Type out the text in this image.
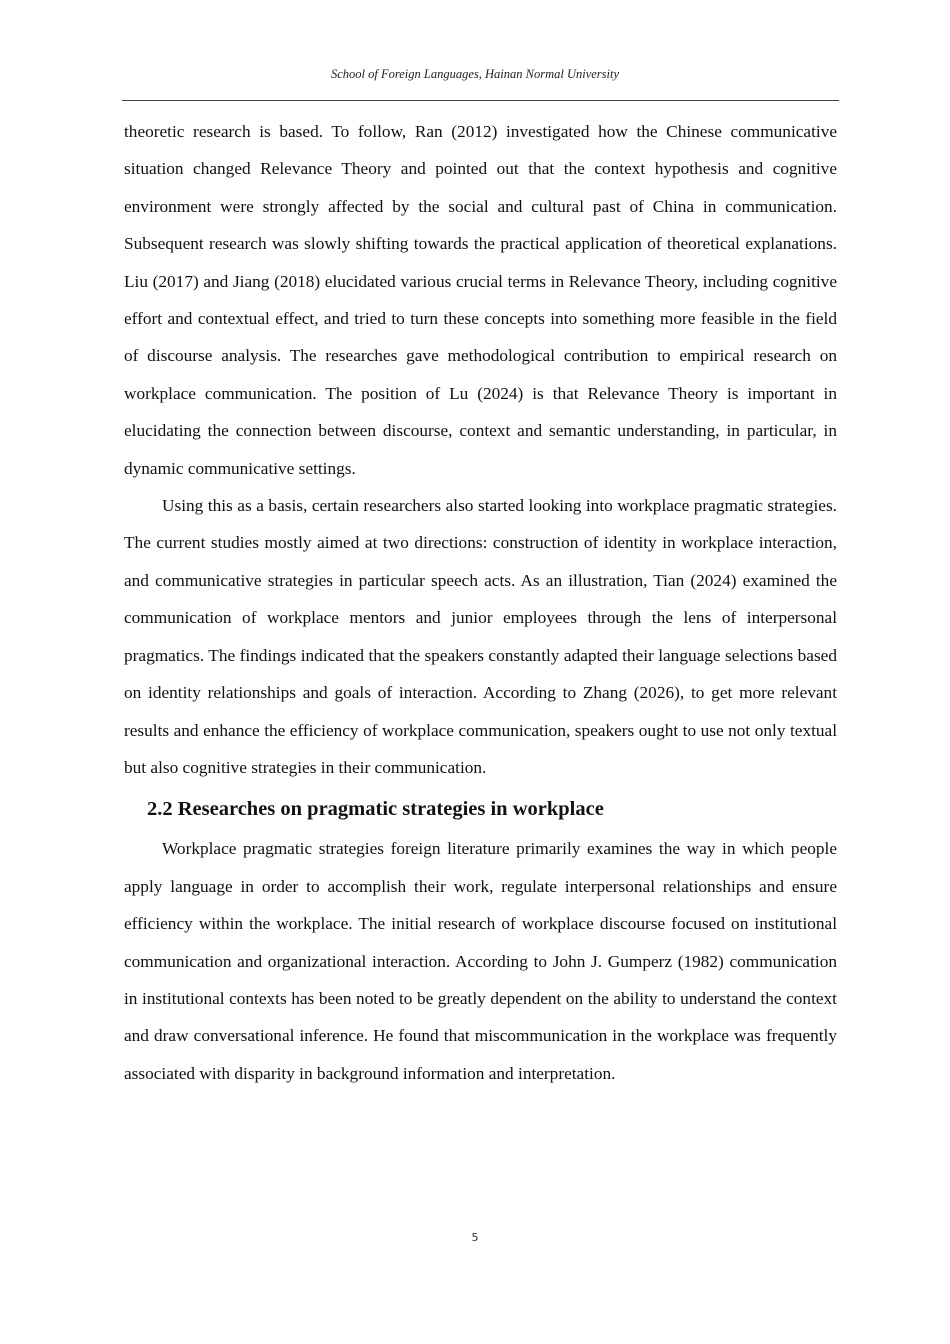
School of Foreign Languages, Hainan Normal University

theoretic research is based. To follow, Ran (2012) investigated how the Chinese communicative situation changed Relevance Theory and pointed out that the context hypothesis and cognitive environment were strongly affected by the social and cultural past of China in communication. Subsequent research was slowly shifting towards the practical application of theoretical explanations. Liu (2017) and Jiang (2018) elucidated various crucial terms in Relevance Theory, including cognitive effort and contextual effect, and tried to turn these concepts into something more feasible in the field of discourse analysis. The researches gave methodological contribution to empirical research on workplace communication. The position of Lu (2024) is that Relevance Theory is important in elucidating the connection between discourse, context and semantic understanding, in particular, in dynamic communicative settings.

Using this as a basis, certain researchers also started looking into workplace pragmatic strategies. The current studies mostly aimed at two directions: construction of identity in workplace interaction, and communicative strategies in particular speech acts. As an illustration, Tian (2024) examined the communication of workplace mentors and junior employees through the lens of interpersonal pragmatics. The findings indicated that the speakers constantly adapted their language selections based on identity relationships and goals of interaction. According to Zhang (2026), to get more relevant results and enhance the efficiency of workplace communication, speakers ought to use not only textual but also cognitive strategies in their communication.

2.2 Researches on pragmatic strategies in workplace

Workplace pragmatic strategies foreign literature primarily examines the way in which people apply language in order to accomplish their work, regulate interpersonal relationships and ensure efficiency within the workplace. The initial research of workplace discourse focused on institutional communication and organizational interaction. According to John J. Gumperz (1982) communication in institutional contexts has been noted to be greatly dependent on the ability to understand the context and draw conversational inference. He found that miscommunication in the workplace was frequently associated with disparity in background information and interpretation.

5
